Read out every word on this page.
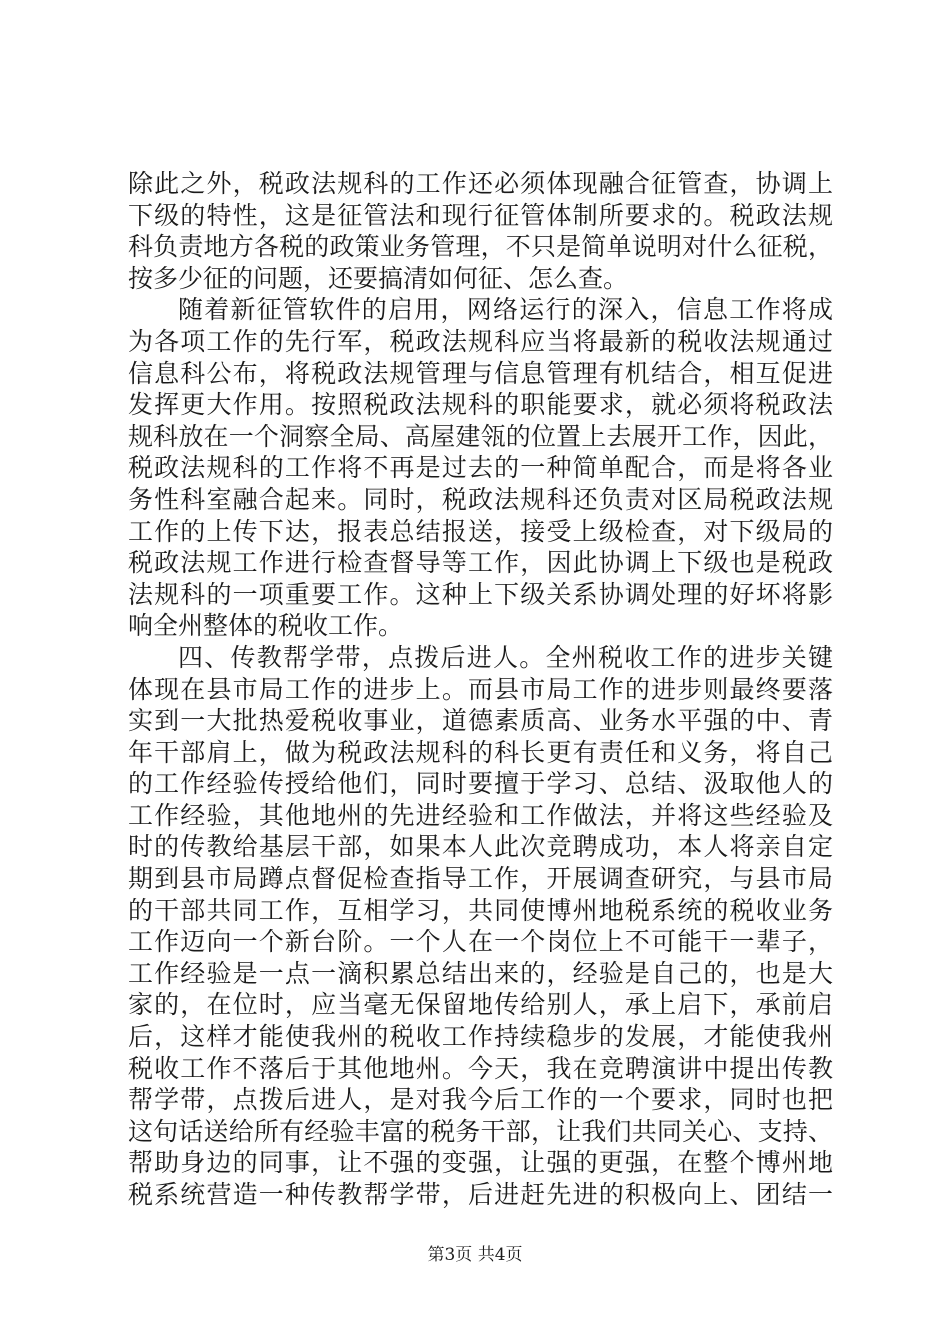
除此之外，税政法规科的工作还必须体现融合征管查，协调上
下级的特性，这是征管法和现行征管体制所要求的。税政法规
科负责地方各税的政策业务管理，不只是简单说明对什么征税，
按多少征的问题，还要搞清如何征、怎么查。
随着新征管软件的启用，网络运行的深入，信息工作将成
为各项工作的先行军，税政法规科应当将最新的税收法规通过
信息科公布，将税政法规管理与信息管理有机结合，相互促进
发挥更大作用。按照税政法规科的职能要求，就必须将税政法
规科放在一个洞察全局、高屋建瓴的位置上去展开工作，因此，
税政法规科的工作将不再是过去的一种简单配合，而是将各业
务性科室融合起来。同时，税政法规科还负责对区局税政法规
工作的上传下达，报表总结报送，接受上级检查，对下级局的
税政法规工作进行检查督导等工作，因此协调上下级也是税政
法规科的一项重要工作。这种上下级关系协调处理的好坏将影
响全州整体的税收工作。
四、传教帮学带，点拨后进人。全州税收工作的进步关键
体现在县市局工作的进步上。而县市局工作的进步则最终要落
实到一大批热爱税收事业，道德素质高、业务水平强的中、青
年干部肩上，做为税政法规科的科长更有责任和义务，将自己
的工作经验传授给他们，同时要擅于学习、总结、汲取他人的
工作经验，其他地州的先进经验和工作做法，并将这些经验及
时的传教给基层干部，如果本人此次竞聘成功，本人将亲自定
期到县市局蹲点督促检查指导工作，开展调查研究，与县市局
的干部共同工作，互相学习，共同使博州地税系统的税收业务
工作迈向一个新台阶。一个人在一个岗位上不可能干一辈子，
工作经验是一点一滴积累总结出来的，经验是自己的，也是大
家的，在位时，应当毫无保留地传给别人，承上启下，承前启
后，这样才能使我州的税收工作持续稳步的发展，才能使我州
税收工作不落后于其他地州。今天，我在竞聘演讲中提出传教
帮学带，点拨后进人，是对我今后工作的一个要求，同时也把
这句话送给所有经验丰富的税务干部，让我们共同关心、支持、
帮助身边的同事，让不强的变强，让强的更强，在整个博州地
税系统营造一种传教帮学带，后进赶先进的积极向上、团结一
第3页 共4页
